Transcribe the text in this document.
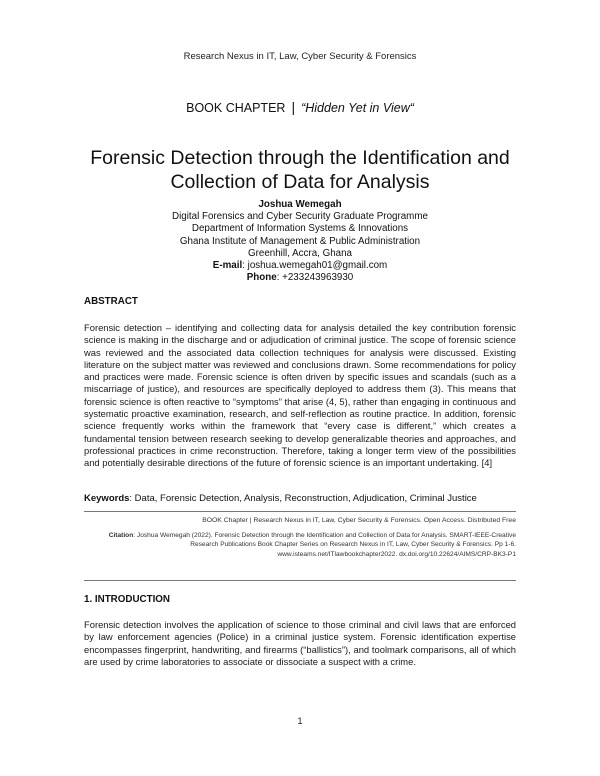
Research Nexus in IT, Law, Cyber Security & Forensics
BOOK CHAPTER | “Hidden Yet in View“
Forensic Detection through the Identification and
Collection of Data for Analysis
Joshua Wemegah
Digital Forensics and Cyber Security Graduate Programme
Department of Information Systems & Innovations
Ghana Institute of Management & Public Administration
Greenhill, Accra, Ghana
E-mail: joshua.wemegah01@gmail.com
Phone: +233243963930
ABSTRACT
Forensic detection – identifying and collecting data for analysis detailed the key contribution forensic science is making in the discharge and or adjudication of criminal justice. The scope of forensic science was reviewed and the associated data collection techniques for analysis were discussed. Existing literature on the subject matter was reviewed and conclusions drawn. Some recommendations for policy and practices were made. Forensic science is often driven by specific issues and scandals (such as a miscarriage of justice), and resources are specifically deployed to address them (3). This means that forensic science is often reactive to “symptoms” that arise (4, 5), rather than engaging in continuous and systematic proactive examination, research, and self-reflection as routine practice. In addition, forensic science frequently works within the framework that “every case is different,” which creates a fundamental tension between research seeking to develop generalizable theories and approaches, and professional practices in crime reconstruction. Therefore, taking a longer term view of the possibilities and potentially desirable directions of the future of forensic science is an important undertaking. [4]
Keywords: Data, Forensic Detection, Analysis, Reconstruction, Adjudication, Criminal Justice
BOOK Chapter | Research Nexus in IT, Law, Cyber Security & Forensics. Open Access. Distributed Free
Citation: Joshua Wemegah (2022). Forensic Detection through the Identification and Collection of Data for Analysis. SMART-IEEE-Creative Research Publications Book Chapter Series on Research Nexus in IT, Law, Cyber Security & Forensics. Pp 1-6. www.isteams.net/ITlawbookchapter2022. dx.doi.org/10.22624/AIMS/CRP-BK3-P1
1. INTRODUCTION
Forensic detection involves the application of science to those criminal and civil laws that are enforced by law enforcement agencies (Police) in a criminal justice system. Forensic identification expertise encompasses fingerprint, handwriting, and firearms (“ballistics”), and toolmark comparisons, all of which are used by crime laboratories to associate or dissociate a suspect with a crime.
1
